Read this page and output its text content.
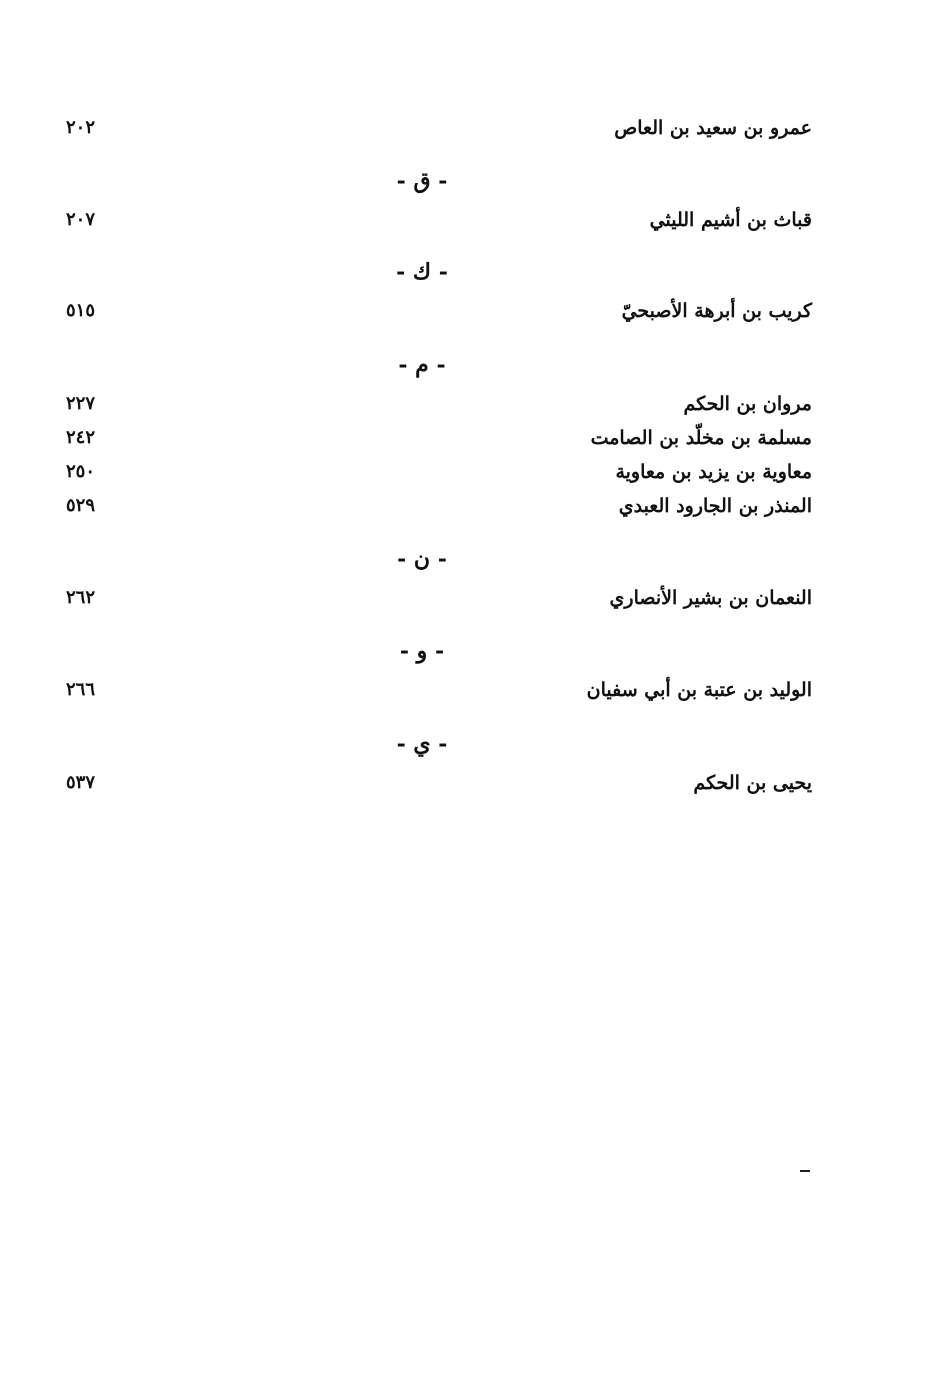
عمرو بن سعيد بن العاص
٢٠٢
- ق -
قباث بن أشيم الليثي
٢٠٧
- ك -
كريب بن أبرهة الأصبحيّ
٥١٥
- م -
مروان بن الحكم
٢٢٧
مسلمة بن مخلّد بن الصامت
٢٤٢
معاوية بن يزيد بن معاوية
٢٥٠
المنذر بن الجارود العبدي
٥٢٩
- ن -
النعمان بن بشير الأنصاري
٢٦٢
- و -
الوليد بن عتبة بن أبي سفيان
٢٦٦
- ي -
يحيى بن الحكم
٥٣٧
